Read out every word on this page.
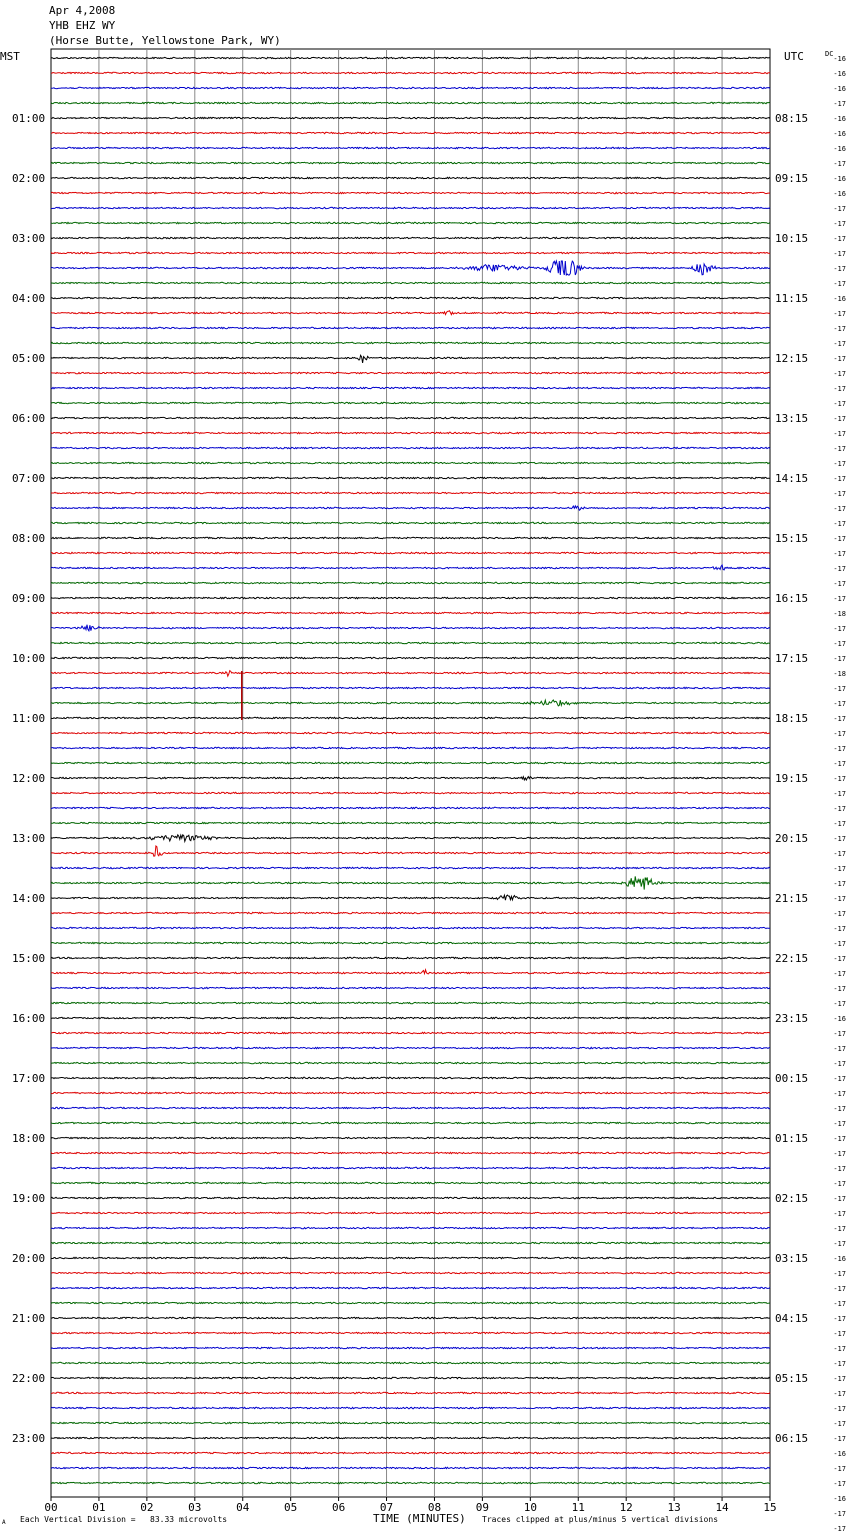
Apr 4,2008
YHB EHZ WY
(Horse Butte, Yellowstone Park, WY)
MST	UTC	DC
01:00
02:00
03:00
04:00
05:00
06:00
07:00
08:00
09:00
10:00
11:00
12:00
13:00
14:00
15:00
16:00
17:00
18:00
19:00
20:00
21:00
22:00
23:00
08:15
09:15
10:15
11:15
12:15
13:15
14:15
15:15
16:15
17:15
18:15
19:15
20:15
21:15
22:15
23:15
00:15
01:15
02:15
03:15
04:15
05:15
06:15
-16
-16
-16
-17
-16
-16
-16
-17
-16
-16
-17
-17
-17
-17
-17
-17
-16
-17
-17
-17
-17
-17
-17
-17
-17
-17
-17
-17
-17
-17
-17
-17
-17
-17
-17
-17
-17
-18
-17
-17
-17
-18
-17
-17
-17
-17
-17
-17
-17
-17
-17
-17
-17
-17
-17
-17
-17
-17
-17
-17
-17
-17
-17
-17
-16
-17
-17
-17
-17
-17
-17
-17
-17
-17
-17
-17
-17
-17
-17
-17
-16
-17
-17
-17
-17
-17
-17
-17
-17
-17
-17
-17
-17
-16
-17
-17
-16
-17
-17
00	01	02	03	04	05	06	07	08	09	10	11	12	13	14	15
A Each Vertical Division =   83.33 microvolts	TIME (MINUTES) Traces clipped at plus/minus 5 vertical divisions
